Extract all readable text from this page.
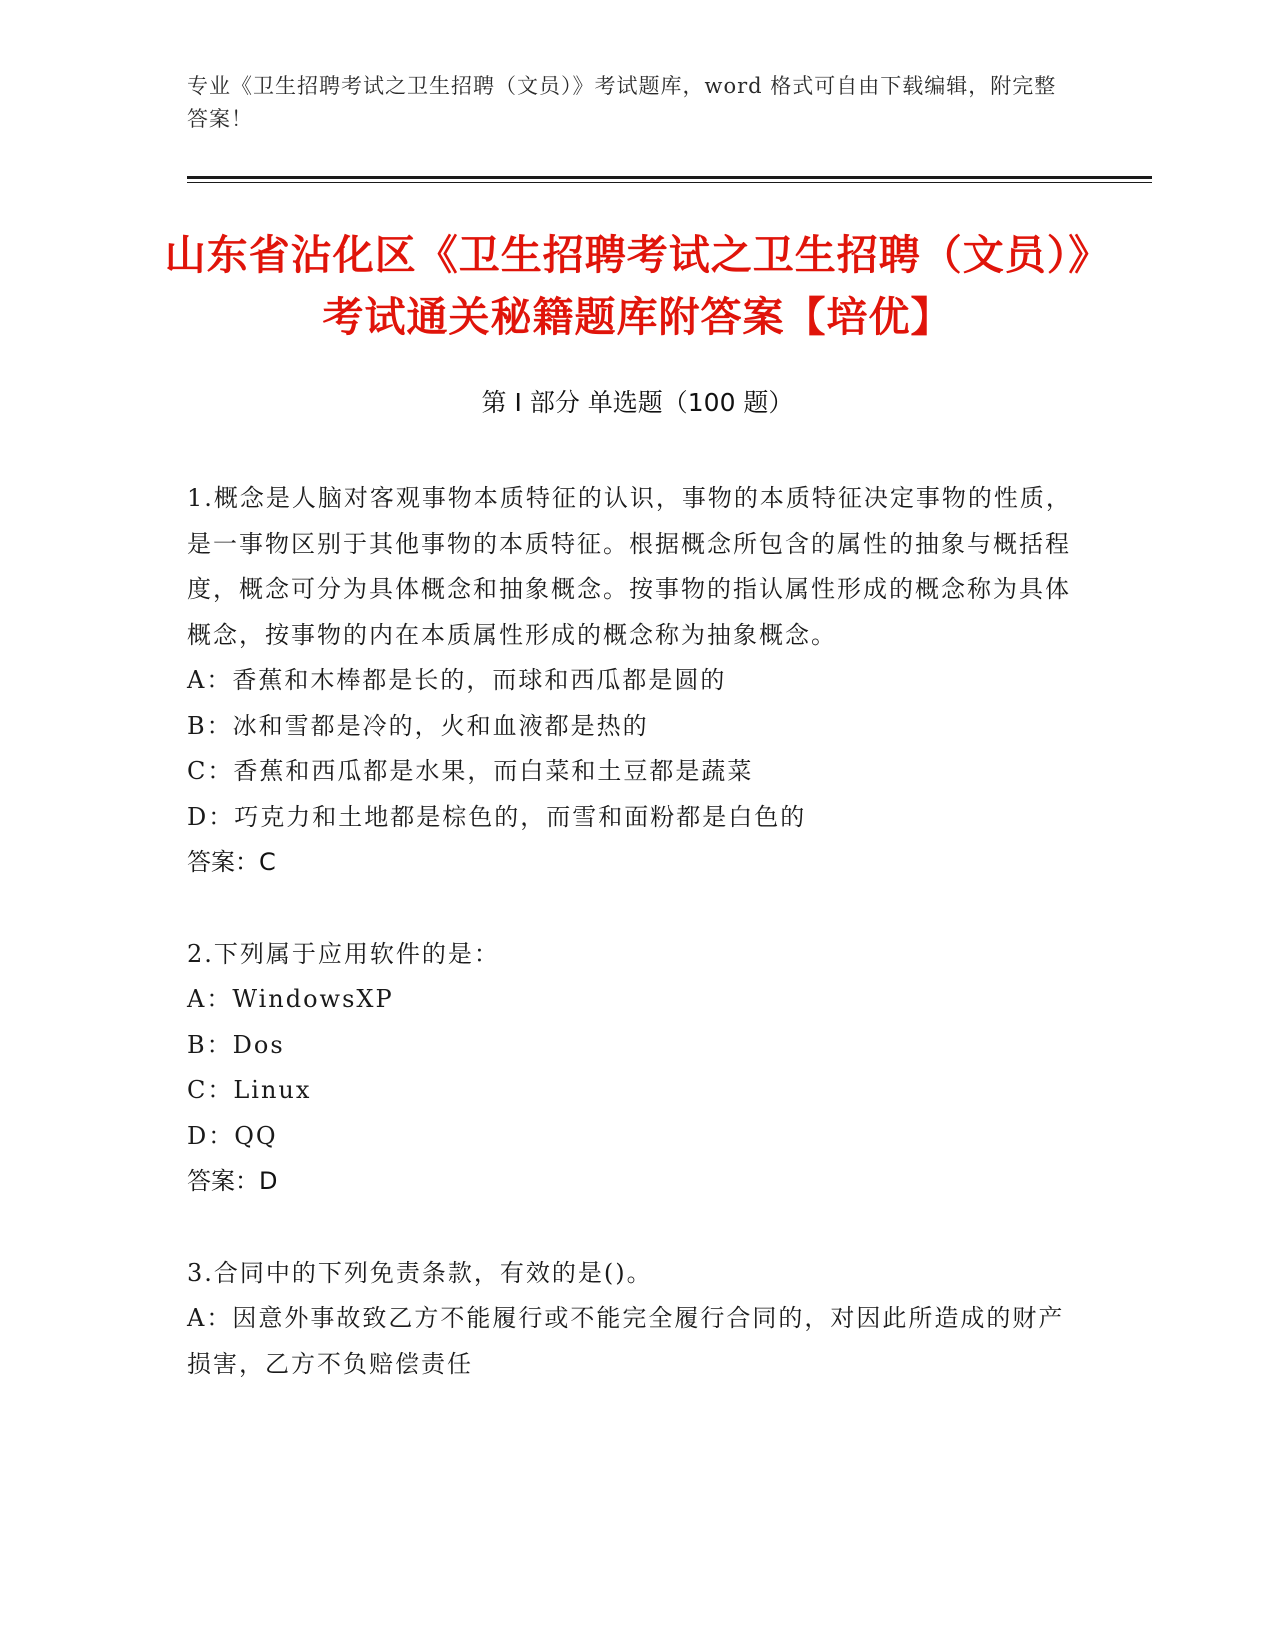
专业《卫生招聘考试之卫生招聘（文员）》考试题库，word 格式可自由下载编辑，附完整答案！
山东省沾化区《卫生招聘考试之卫生招聘（文员）》考试通关秘籍题库附答案【培优】
第 I 部分 单选题（100 题）
1.概念是人脑对客观事物本质特征的认识，事物的本质特征决定事物的性质，是一事物区别于其他事物的本质特征。根据概念所包含的属性的抽象与概括程度，概念可分为具体概念和抽象概念。按事物的指认属性形成的概念称为具体概念，按事物的内在本质属性形成的概念称为抽象概念。
A：香蕉和木棒都是长的，而球和西瓜都是圆的
B：冰和雪都是冷的，火和血液都是热的
C：香蕉和西瓜都是水果，而白菜和土豆都是蔬菜
D：巧克力和土地都是棕色的，而雪和面粉都是白色的
答案：C
2.下列属于应用软件的是：
A：WindowsXP
B：Dos
C：Linux
D：QQ
答案：D
3.合同中的下列免责条款，有效的是()。
A：因意外事故致乙方不能履行或不能完全履行合同的，对因此所造成的财产损害，乙方不负赔偿责任
